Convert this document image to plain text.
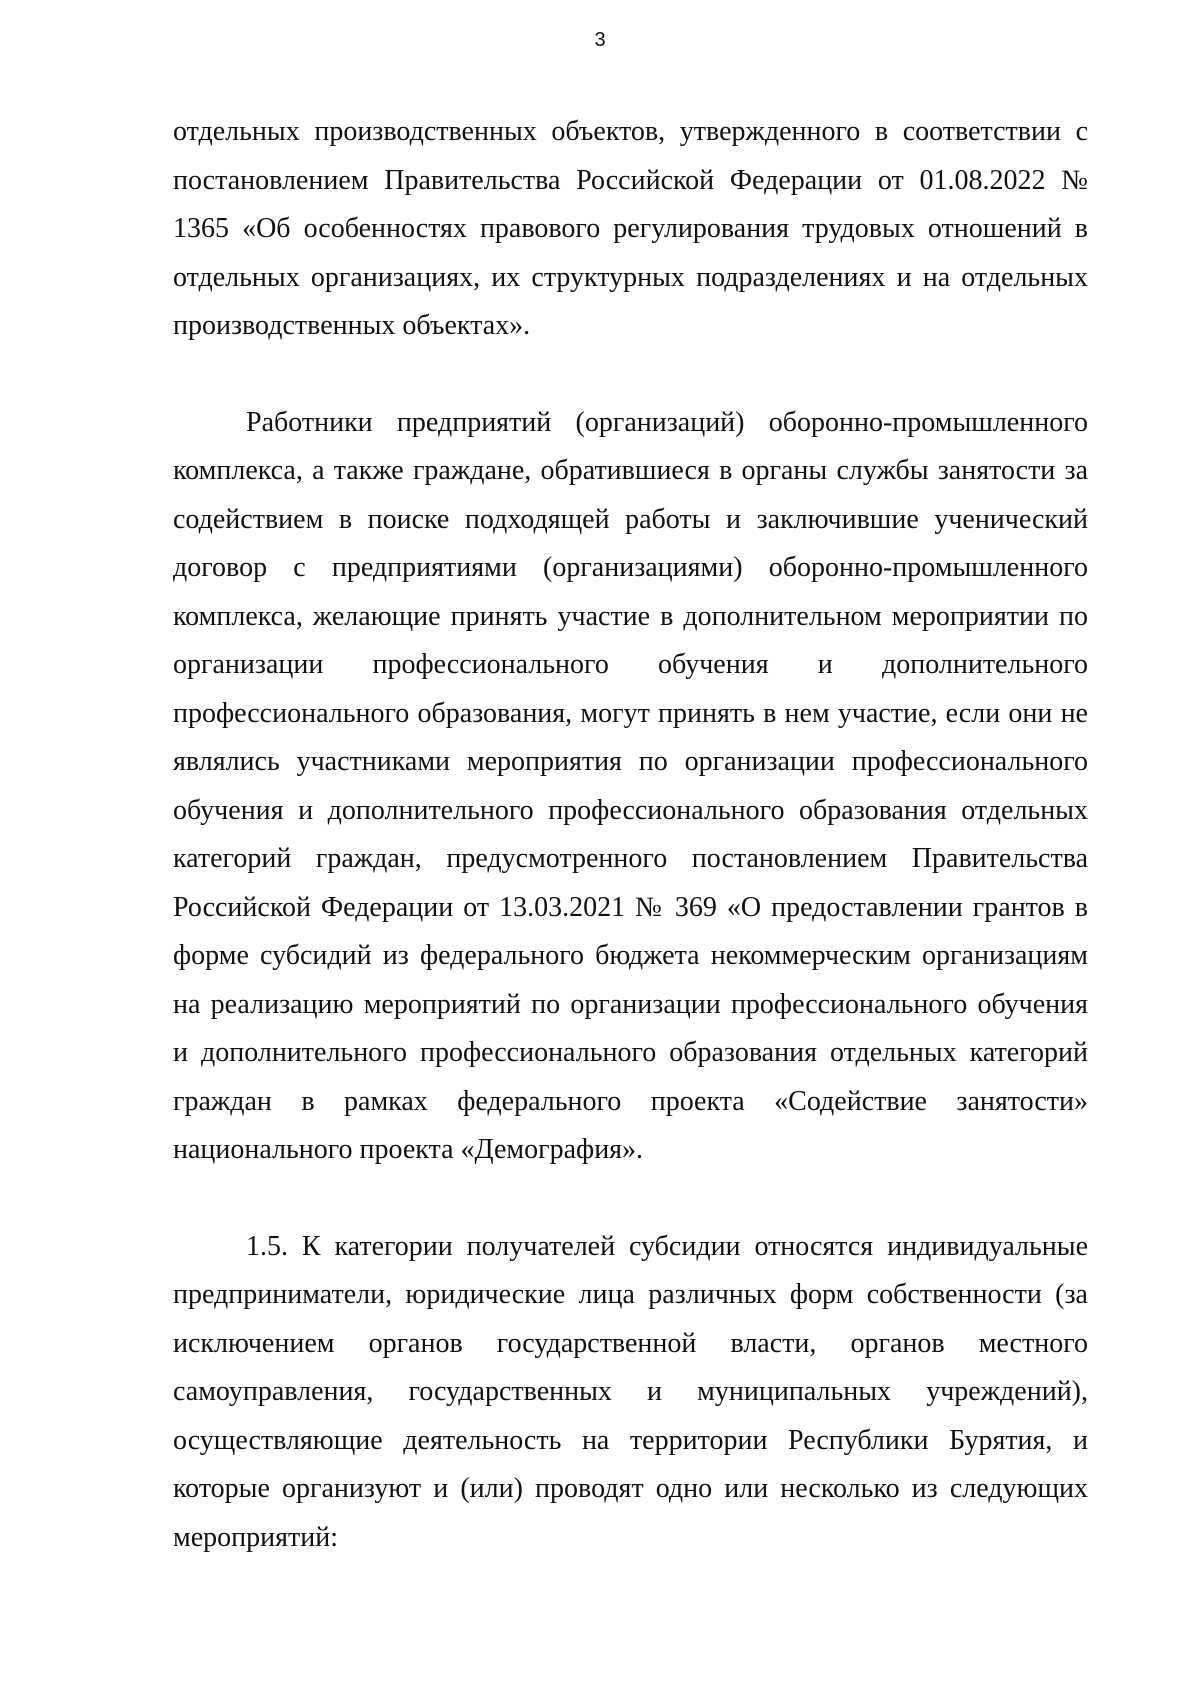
3

отдельных производственных объектов, утвержденного в соответствии с постановлением Правительства Российской Федерации от 01.08.2022 № 1365 «Об особенностях правового регулирования трудовых отношений в отдельных организациях, их структурных подразделениях и на отдельных производственных объектах».

Работники предприятий (организаций) оборонно-промышленного комплекса, а также граждане, обратившиеся в органы службы занятости за содействием в поиске подходящей работы и заключившие ученический договор с предприятиями (организациями) оборонно-промышленного комплекса, желающие принять участие в дополнительном мероприятии по организации профессионального обучения и дополнительного профессионального образования, могут принять в нем участие, если они не являлись участниками мероприятия по организации профессионального обучения и дополнительного профессионального образования отдельных категорий граждан, предусмотренного постановлением Правительства Российской Федерации от 13.03.2021 № 369 «О предоставлении грантов в форме субсидий из федерального бюджета некоммерческим организациям на реализацию мероприятий по организации профессионального обучения и дополнительного профессионального образования отдельных категорий граждан в рамках федерального проекта «Содействие занятости» национального проекта «Демография».

1.5. К категории получателей субсидии относятся индивидуальные предприниматели, юридические лица различных форм собственности (за исключением органов государственной власти, органов местного самоуправления, государственных и муниципальных учреждений), осуществляющие деятельность на территории Республики Бурятия, и которые организуют и (или) проводят одно или несколько из следующих мероприятий:
